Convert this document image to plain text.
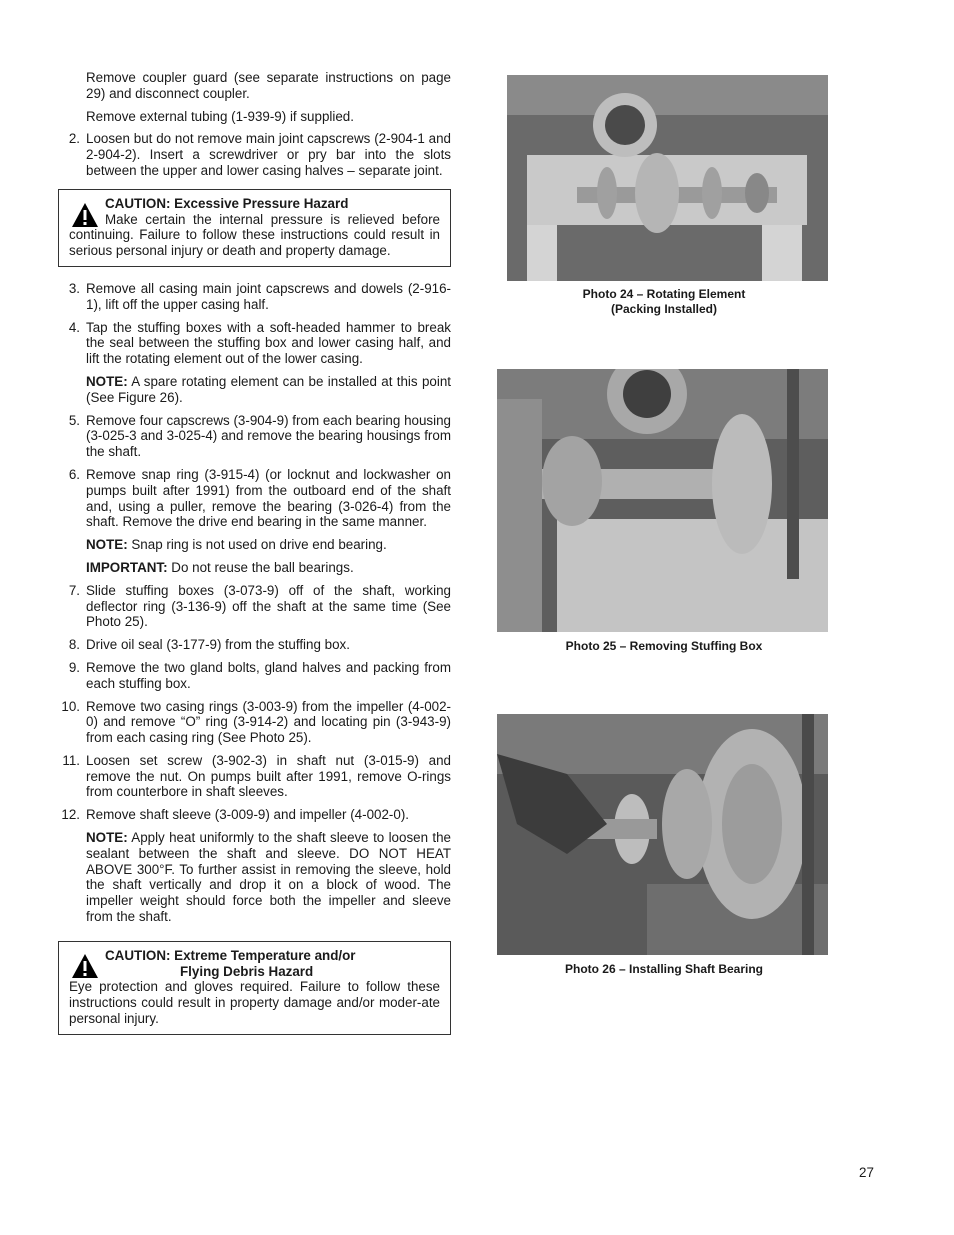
Remove coupler guard (see separate instructions on page 29) and disconnect coupler.

Remove external tubing (1-939-9) if supplied.

2. Loosen but do not remove main joint capscrews (2-904-1 and 2-904-2). Insert a screwdriver or pry bar into the slots between the upper and lower casing halves – separate joint.
CAUTION: Excessive Pressure Hazard
Make certain the internal pressure is relieved before continuing. Failure to follow these instructions could result in serious personal injury or death and property damage.
3. Remove all casing main joint capscrews and dowels (2-916-1), lift off the upper casing half.
4. Tap the stuffing boxes with a soft-headed hammer to break the seal between the stuffing box and lower casing half, and lift the rotating element out of the lower casing.

NOTE: A spare rotating element can be installed at this point (See Figure 26).

5. Remove four capscrews (3-904-9) from each bearing housing (3-025-3 and 3-025-4) and remove the bearing housings from the shaft.
6. Remove snap ring (3-915-4) (or locknut and lockwasher on pumps built after 1991) from the outboard end of the shaft and, using a puller, remove the bearing (3-026-4) from the shaft. Remove the drive end bearing in the same manner.

NOTE: Snap ring is not used on drive end bearing.

IMPORTANT: Do not reuse the ball bearings.

7. Slide stuffing boxes (3-073-9) off of the shaft, working deflector ring (3-136-9) off the shaft at the same time (See Photo 25).
8. Drive oil seal (3-177-9) from the stuffing box.
9. Remove the two gland bolts, gland halves and packing from each stuffing box.
10. Remove two casing rings (3-003-9) from the impeller (4-002-0) and remove “O” ring (3-914-2) and locating pin (3-943-9) from each casing ring (See Photo 25).
11. Loosen set screw (3-902-3) in shaft nut (3-015-9) and remove the nut. On pumps built after 1991, remove O-rings from counterbore in shaft sleeves.
12. Remove shaft sleeve (3-009-9) and impeller (4-002-0).

NOTE: Apply heat uniformly to the shaft sleeve to loosen the sealant between the shaft and sleeve. DO NOT HEAT ABOVE 300°F. To further assist in removing the sleeve, hold the shaft vertically and drop it on a block of wood. The impeller weight should force both the impeller and sleeve from the shaft.

CAUTION: Extreme Temperature and/or
Flying Debris Hazard
Eye protection and gloves required. Failure to follow these instructions could result in property damage and/or moder-ate personal injury.
Photo 24 – Rotating Element
(Packing Installed)
Photo 25 – Removing Stuffing Box
Photo 26 – Installing Shaft Bearing
27
